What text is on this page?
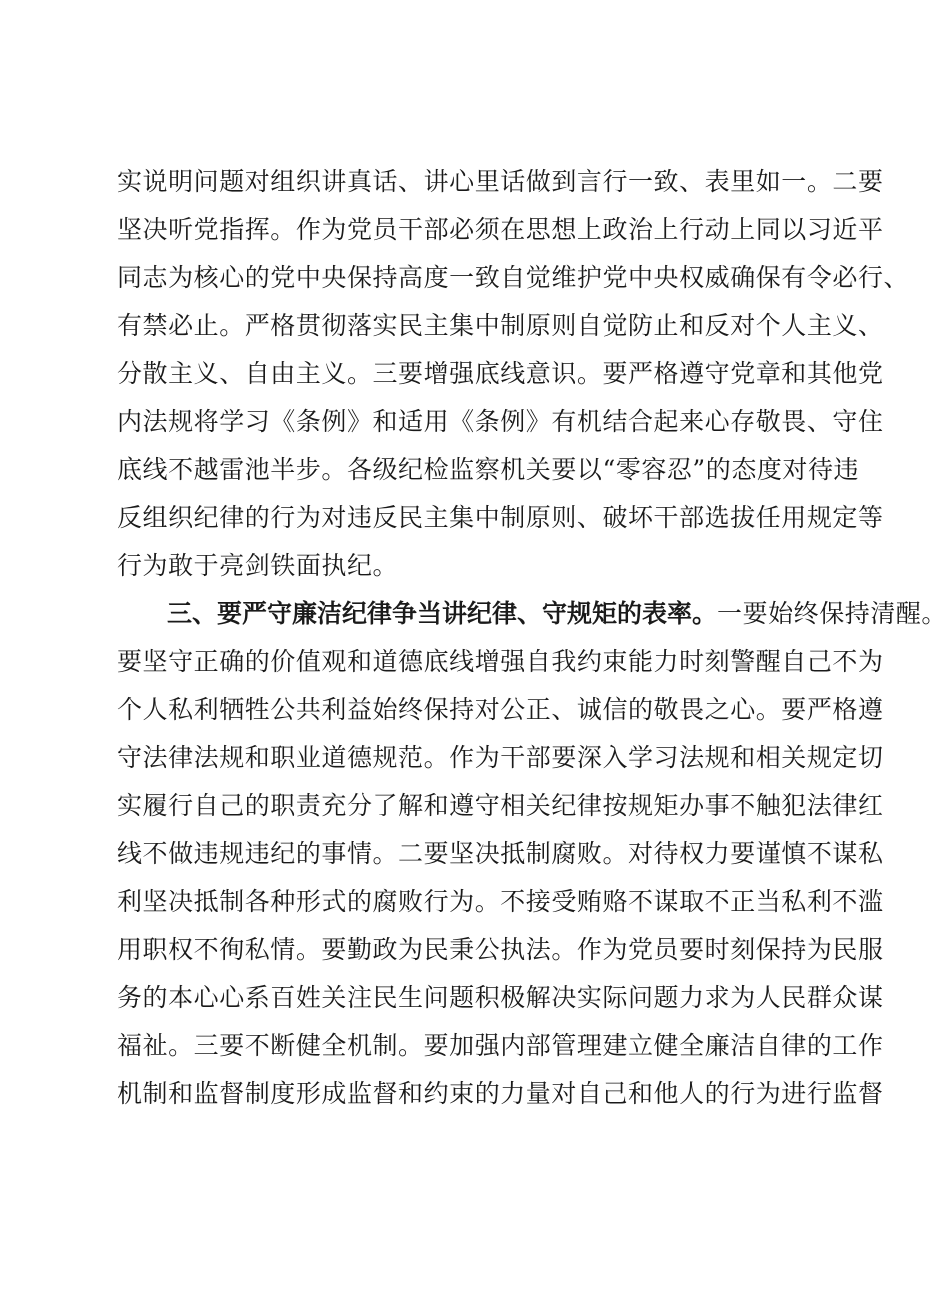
实说明问题对组织讲真话、讲心里话做到言行一致、表里如一。二要
坚决听党指挥。作为党员干部必须在思想上政治上行动上同以习近平
同志为核心的党中央保持高度一致自觉维护党中央权威确保有令必行、
有禁必止。严格贯彻落实民主集中制原则自觉防止和反对个人主义、
分散主义、自由主义。三要增强底线意识。要严格遵守党章和其他党
内法规将学习《条例》和适用《条例》有机结合起来心存敬畏、守住
底线不越雷池半步。各级纪检监察机关要以“零容忍”的态度对待违
反组织纪律的行为对违反民主集中制原则、破坏干部选拔任用规定等
行为敢于亮剑铁面执纪。
三、要严守廉洁纪律争当讲纪律、守规矩的表率。一要始终保持清醒。
要坚守正确的价值观和道德底线增强自我约束能力时刻警醒自己不为
个人私利牺牲公共利益始终保持对公正、诚信的敬畏之心。要严格遵
守法律法规和职业道德规范。作为干部要深入学习法规和相关规定切
实履行自己的职责充分了解和遵守相关纪律按规矩办事不触犯法律红
线不做违规违纪的事情。二要坚决抵制腐败。对待权力要谨慎不谋私
利坚决抵制各种形式的腐败行为。不接受贿赂不谋取不正当私利不滥
用职权不徇私情。要勤政为民秉公执法。作为党员要时刻保持为民服
务的本心心系百姓关注民生问题积极解决实际问题力求为人民群众谋
福祉。三要不断健全机制。要加强内部管理建立健全廉洁自律的工作
机制和监督制度形成监督和约束的力量对自己和他人的行为进行监督
